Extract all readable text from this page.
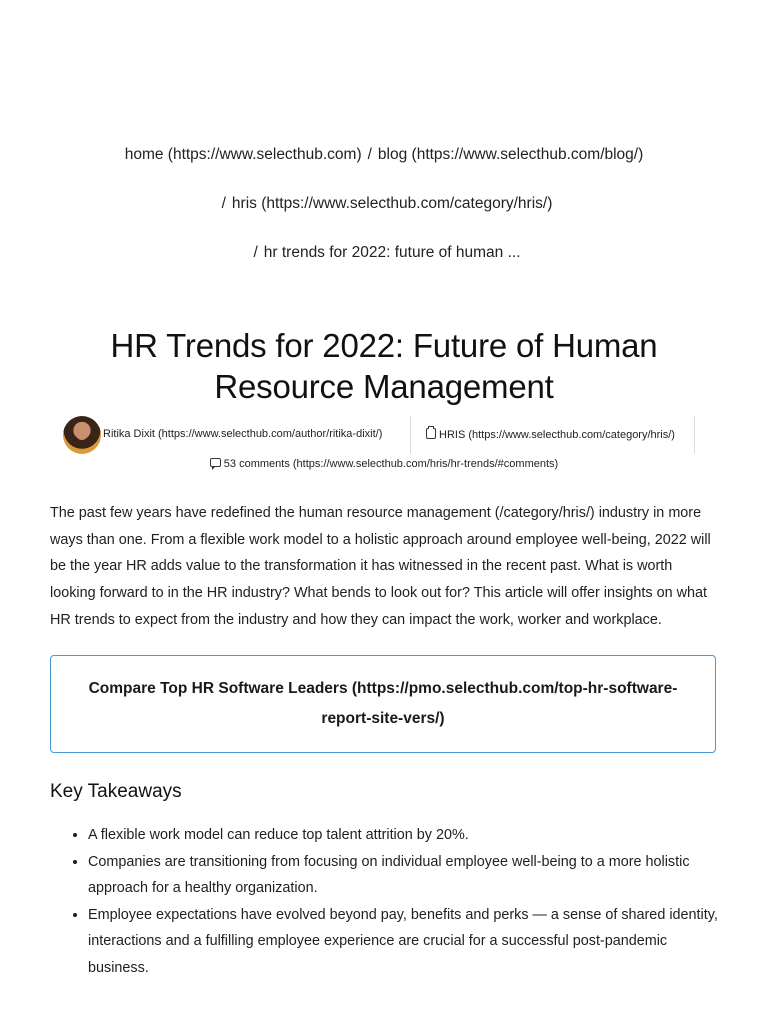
home (https://www.selecthub.com) / blog (https://www.selecthub.com/blog/)
/ hris (https://www.selecthub.com/category/hris/)
/ hr trends for 2022: future of human ...
HR Trends for 2022: Future of Human Resource Management
Ritika Dixit (https://www.selecthub.com/author/ritika-dixit/)	HRIS (https://www.selecthub.com/category/hris/)
53 comments (https://www.selecthub.com/hris/hr-trends/#comments)

The past few years have redefined the human resource management (/category/hris/) industry in more ways than one. From a flexible work model to a holistic approach around employee well-being, 2022 will be the year HR adds value to the transformation it has witnessed in the recent past. What is worth looking forward to in the HR industry? What bends to look out for? This article will offer insights on what HR trends to expect from the industry and how they can impact the work, worker and workplace.

Compare Top HR Software Leaders (https://pmo.selecthub.com/top-hr-software-report-site-vers/)
Key Takeaways
• A flexible work model can reduce top talent attrition by 20%.
• Companies are transitioning from focusing on individual employee well-being to a more holistic approach for a healthy organization.
• Employee expectations have evolved beyond pay, benefits and perks — a sense of shared identity, interactions and a fulfilling employee experience are crucial for a successful post-pandemic business.
